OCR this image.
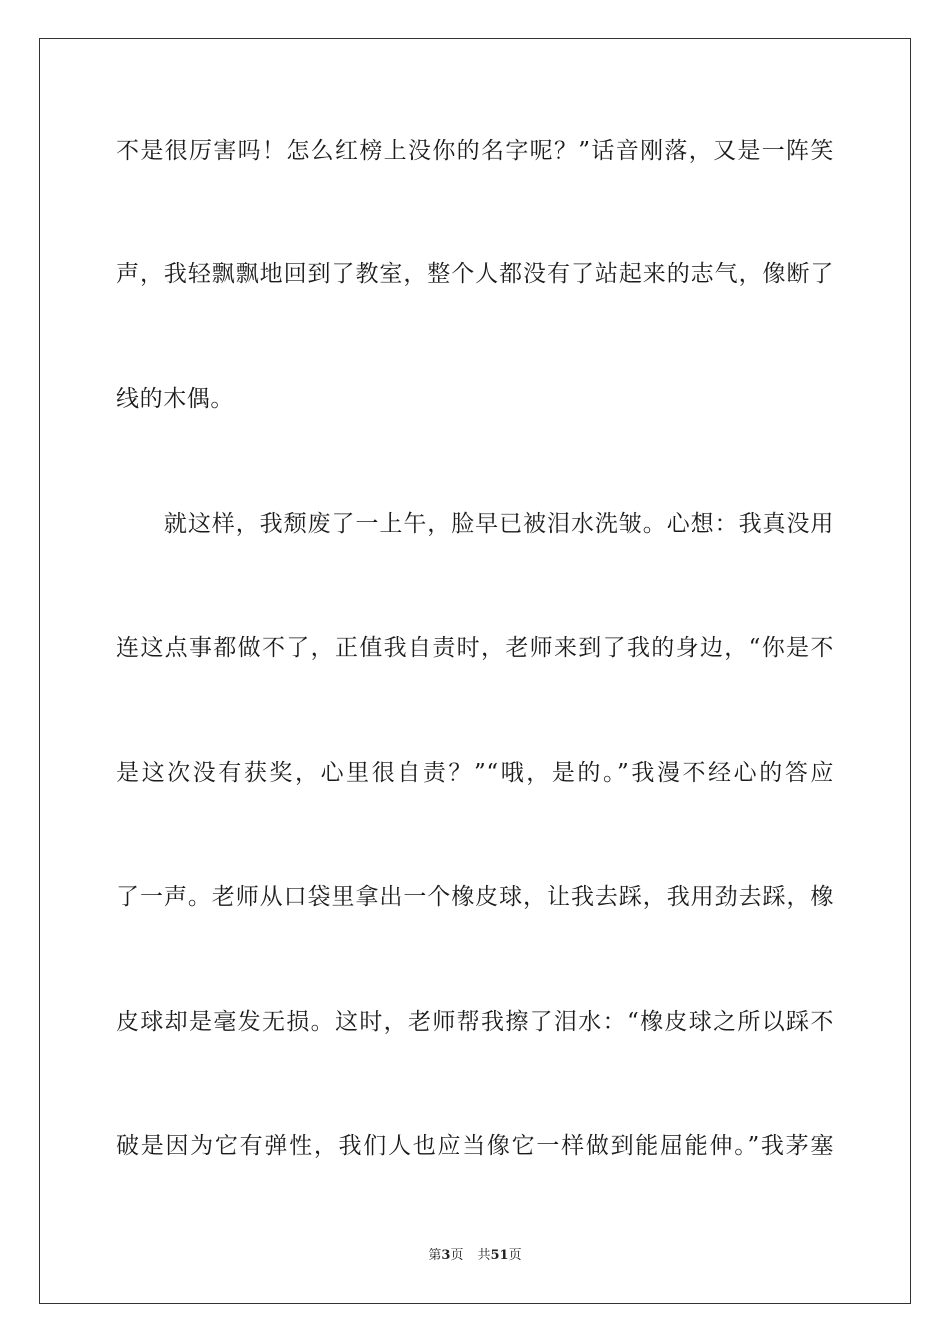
不是很厉害吗！怎么红榜上没你的名字呢？”话音刚落，又是一阵笑
声，我轻飘飘地回到了教室，整个人都没有了站起来的志气，像断了
线的木偶。
　　就这样，我颓废了一上午，脸早已被泪水洗皱。心想：我真没用
连这点事都做不了，正值我自责时，老师来到了我的身边，“你是不
是这次没有获奖，心里很自责？”“哦，是的。”我漫不经心的答应
了一声。老师从口袋里拿出一个橡皮球，让我去踩，我用劲去踩，橡
皮球却是毫发无损。这时，老师帮我擦了泪水：“橡皮球之所以踩不
破是因为它有弹性，我们人也应当像它一样做到能屈能伸。”我茅塞
第3页 共51页
